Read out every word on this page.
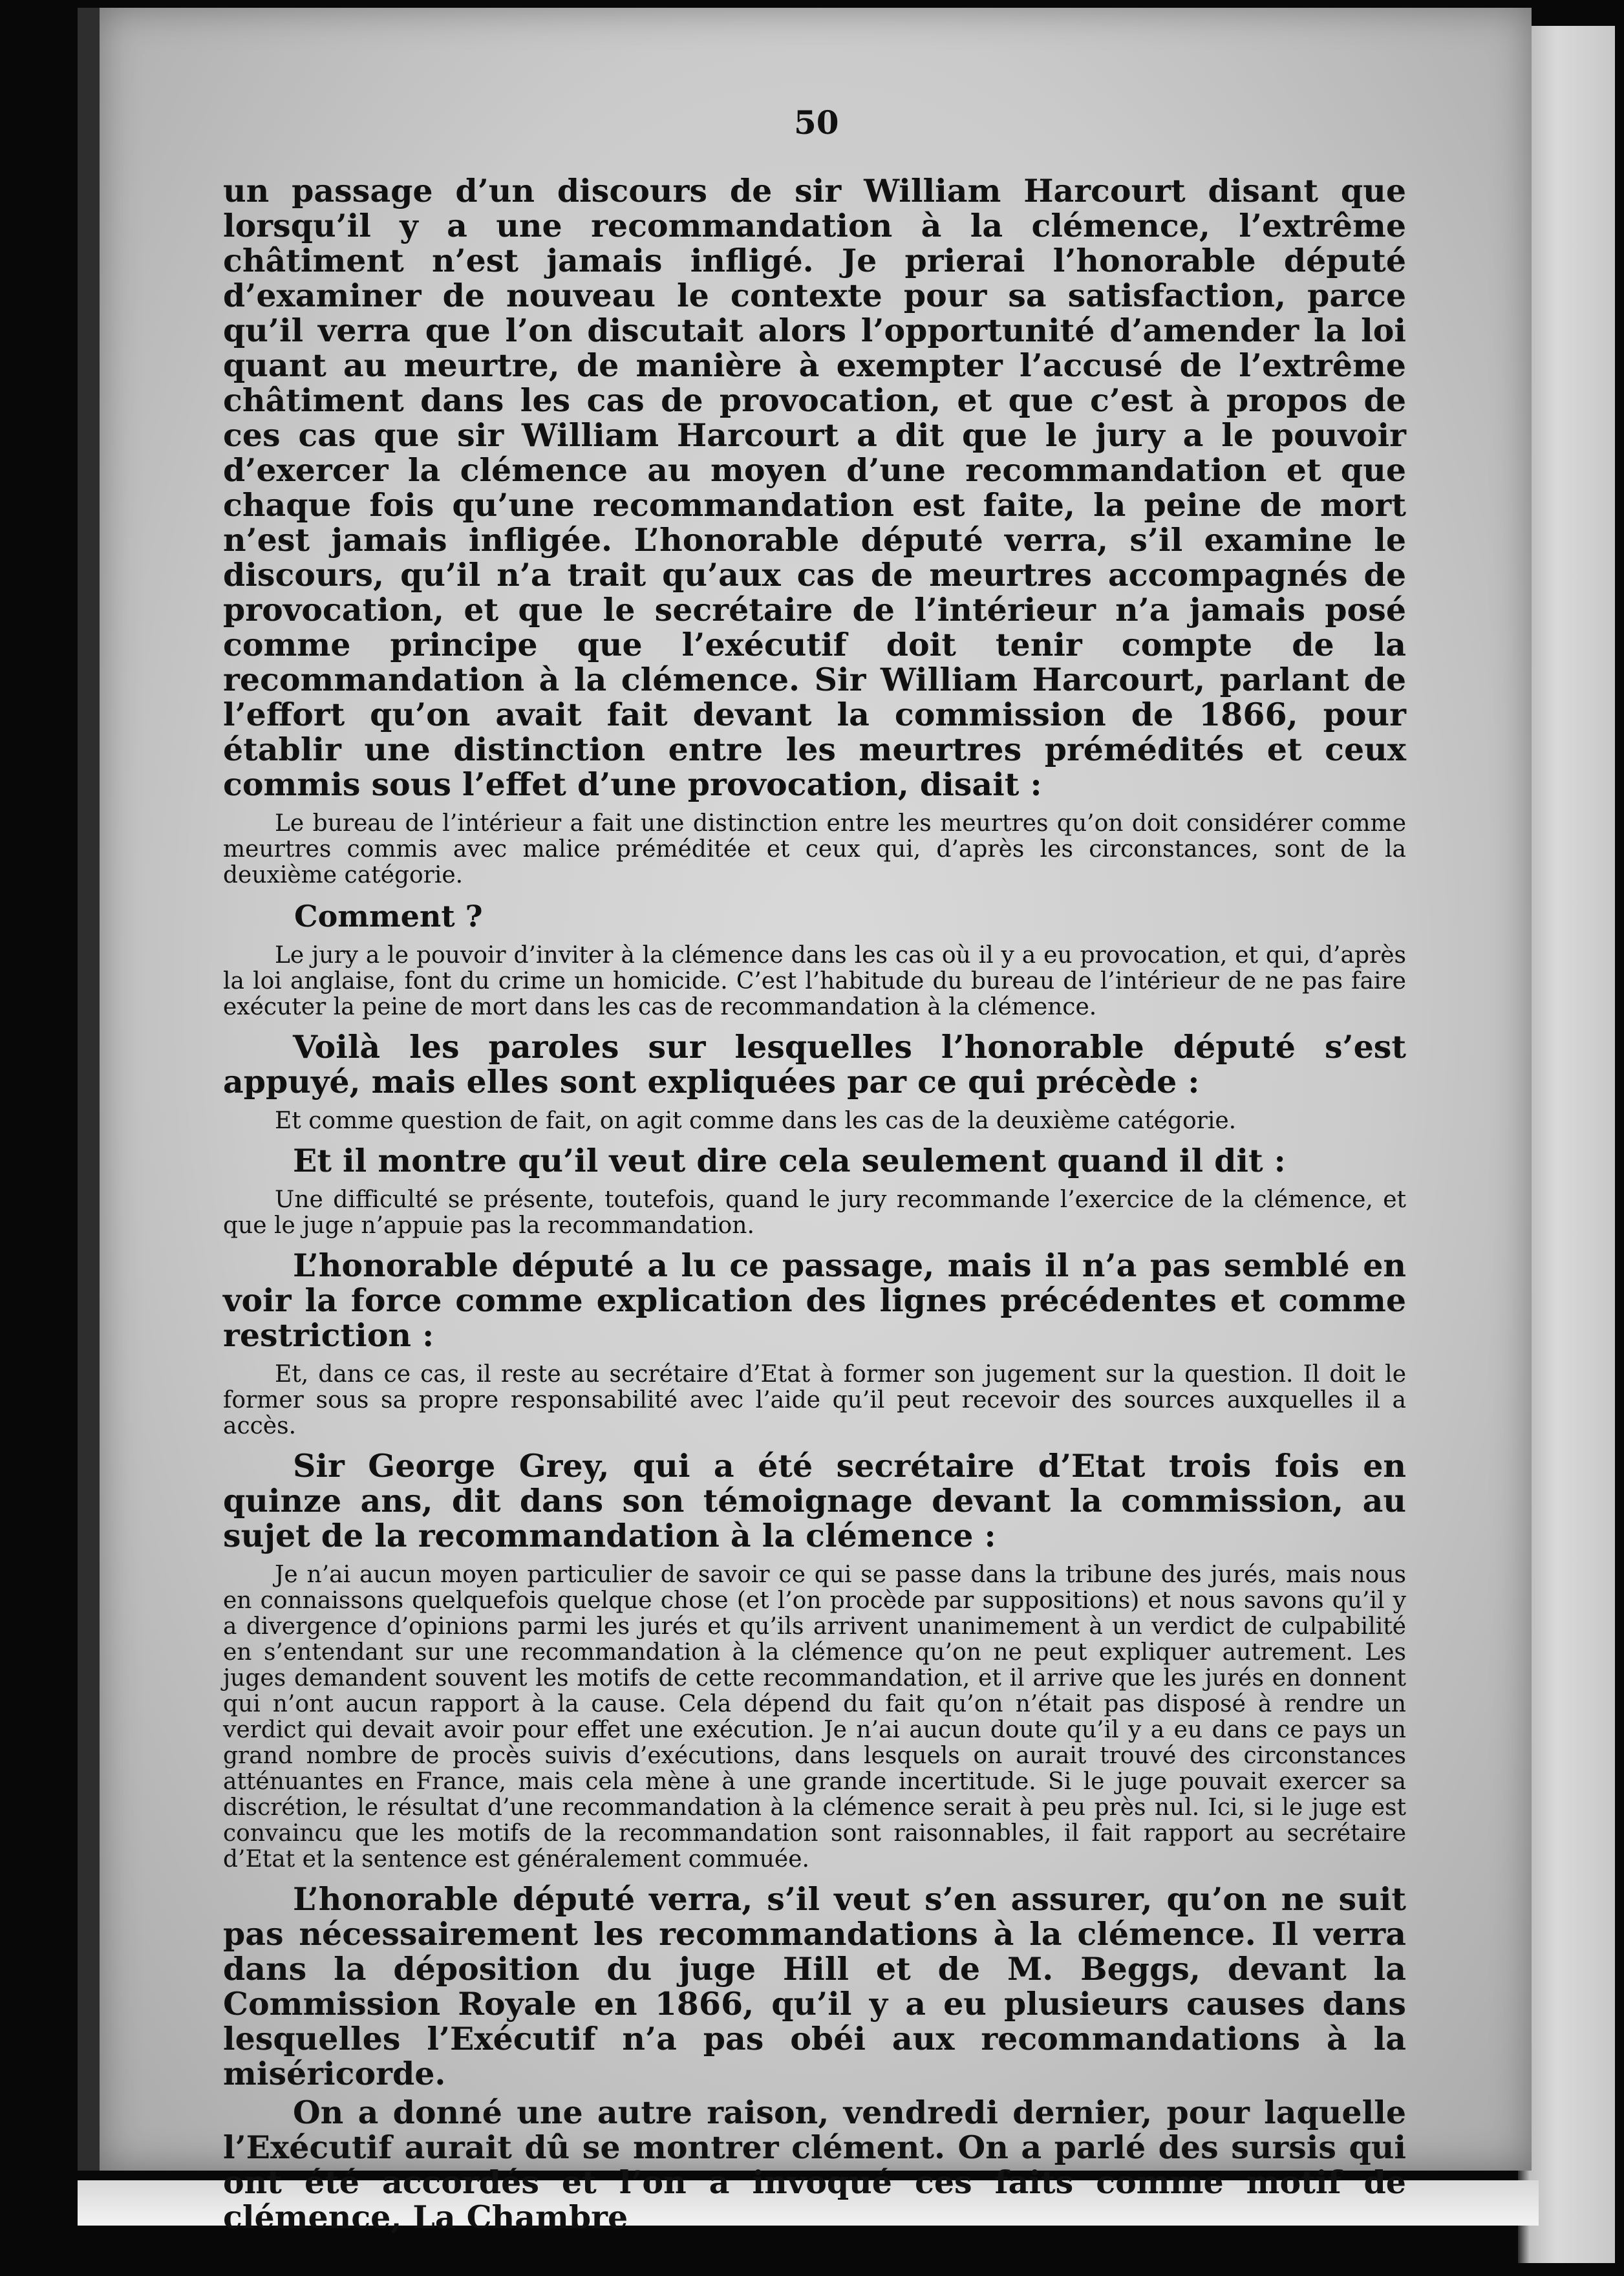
50

un passage d’un discours de sir William Harcourt disant que lorsqu’il y a une recommandation à la clémence, l’extrême châtiment n’est jamais infligé. Je prierai l’honorable député d’examiner de nouveau le contexte pour sa satisfaction, parce qu’il verra que l’on discutait alors l’opportunité d’amender la loi quant au meurtre, de manière à exempter l’accusé de l’extrême châtiment dans les cas de provocation, et que c’est à propos de ces cas que sir William Harcourt a dit que le jury a le pouvoir d’exercer la clémence au moyen d’une recommandation et que chaque fois qu’une recommandation est faite, la peine de mort n’est jamais infligée. L’honorable député verra, s’il examine le discours, qu’il n’a trait qu’aux cas de meurtres accompagnés de provocation, et que le secrétaire de l’intérieur n’a jamais posé comme principe que l’exécutif doit tenir compte de la recommandation à la clémence. Sir William Harcourt, parlant de l’effort qu’on avait fait devant la commission de 1866, pour établir une distinction entre les meurtres prémédités et ceux commis sous l’effet d’une provocation, disait :

Le bureau de l’intérieur a fait une distinction entre les meurtres qu’on doit considérer comme meurtres commis avec malice préméditée et ceux qui, d’après les circonstances, sont de la deuxième catégorie.

Comment ?

Le jury a le pouvoir d’inviter à la clémence dans les cas où il y a eu provocation, et qui, d’après la loi anglaise, font du crime un homicide. C’est l’habitude du bureau de l’intérieur de ne pas faire exécuter la peine de mort dans les cas de recommandation à la clémence.

Voilà les paroles sur lesquelles l’honorable député s’est appuyé, mais elles sont expliquées par ce qui précède :

Et comme question de fait, on agit comme dans les cas de la deuxième catégorie.

Et il montre qu’il veut dire cela seulement quand il dit :

Une difficulté se présente, toutefois, quand le jury recommande l’exercice de la clémence, et que le juge n’appuie pas la recommandation.

L’honorable député a lu ce passage, mais il n’a pas semblé en voir la force comme explication des lignes précédentes et comme restriction :

Et, dans ce cas, il reste au secrétaire d’Etat à former son jugement sur la question. Il doit le former sous sa propre responsabilité avec l’aide qu’il peut recevoir des sources auxquelles il a accès.

Sir George Grey, qui a été secrétaire d’Etat trois fois en quinze ans, dit dans son témoignage devant la commission, au sujet de la recommandation à la clémence :

Je n’ai aucun moyen particulier de savoir ce qui se passe dans la tribune des jurés, mais nous en connaissons quelquefois quelque chose (et l’on procède par suppositions) et nous savons qu’il y a divergence d’opinions parmi les jurés et qu’ils arrivent unanimement à un verdict de culpabilité en s’entendant sur une recommandation à la clémence qu’on ne peut expliquer autrement. Les juges demandent souvent les motifs de cette recommandation, et il arrive que les jurés en donnent qui n’ont aucun rapport à la cause. Cela dépend du fait qu’on n’était pas disposé à rendre un verdict qui devait avoir pour effet une exécution. Je n’ai aucun doute qu’il y a eu dans ce pays un grand nombre de procès suivis d’exécutions, dans lesquels on aurait trouvé des circonstances atténuantes en France, mais cela mène à une grande incertitude. Si le juge pouvait exercer sa discrétion, le résultat d’une recommandation à la clémence serait à peu près nul. Ici, si le juge est convaincu que les motifs de la recommandation sont raisonnables, il fait rapport au secrétaire d’Etat et la sentence est généralement commuée.

L’honorable député verra, s’il veut s’en assurer, qu’on ne suit pas nécessairement les recommandations à la clémence. Il verra dans la déposition du juge Hill et de M. Beggs, devant la Commission Royale en 1866, qu’il y a eu plusieurs causes dans lesquelles l’Exécutif n’a pas obéi aux recommandations à la miséricorde.

On a donné une autre raison, vendredi dernier, pour laquelle l’Exécutif aurait dû se montrer clément. On a parlé des sursis qui ont été accordés et l’on a invoqué ces faits comme motif de clémence, La Chambre
